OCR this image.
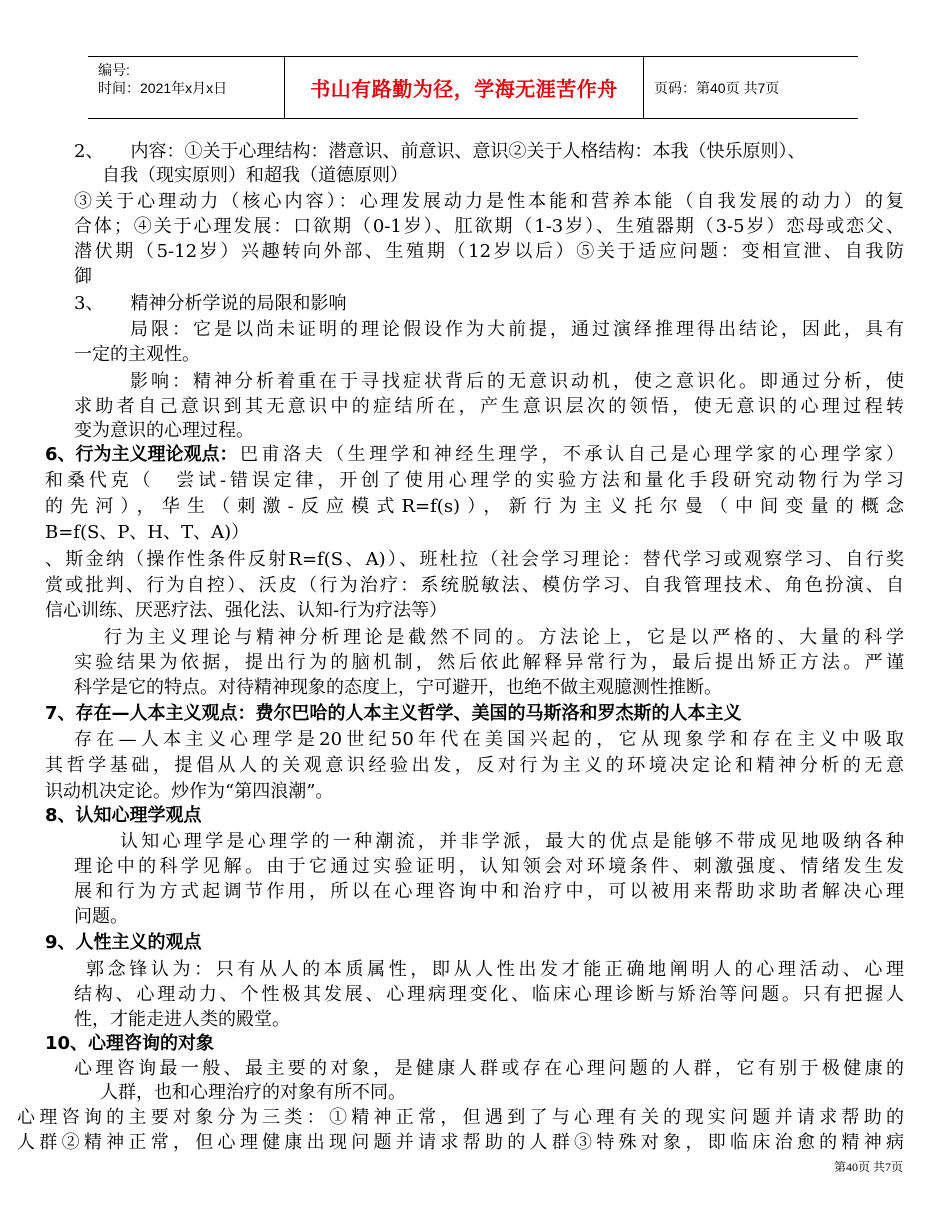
编号:
时间：2021年x月x日	书山有路勤为径，学海无涯苦作舟	页码：第40页 共7页
2、　　内容：①关于心理结构：潜意识、前意识、意识②关于人格结构：本我（快乐原则）、
自我（现实原则）和超我（道德原则）
③关于心理动力（核心内容）：心理发展动力是性本能和营养本能（自我发展的动力）的复
合体；④关于心理发展：口欲期（0-1岁）、肛欲期（1-3岁）、生殖器期（3-5岁）恋母或恋父、
潜伏期（5-12岁）兴趣转向外部、生殖期（12岁以后）⑤关于适应问题：变相宣泄、自我防
御
3、　　精神分析学说的局限和影响
局限：它是以尚未证明的理论假设作为大前提，通过演绎推理得出结论，因此，具有
一定的主观性。
影响：精神分析着重在于寻找症状背后的无意识动机，使之意识化。即通过分析，使
求助者自己意识到其无意识中的症结所在，产生意识层次的领悟，使无意识的心理过程转
变为意识的心理过程。
6、行为主义理论观点： 巴甫洛夫（生理学和神经生理学，不承认自己是心理学家的心理学家）
和桑代克（　尝试-错误定律，开创了使用心理学的实验方法和量化手段研究动物行为学习
的先河），华生（刺激-反应模式R=f(s)），新行为主义托尔曼（中间变量的概念
B=f(S、P、H、T、A)）
、斯金纳（操作性条件反射R=f(S、A)）、班杜拉（社会学习理论：替代学习或观察学习、自行奖
赏或批判、行为自控）、沃皮（行为治疗：系统脱敏法、模仿学习、自我管理技术、角色扮演、自
信心训练、厌恶疗法、强化法、认知-行为疗法等）
行为主义理论与精神分析理论是截然不同的。方法论上，它是以严格的、大量的科学
实验结果为依据，提出行为的脑机制，然后依此解释异常行为，最后提出矫正方法。严谨
科学是它的特点。对待精神现象的态度上，宁可避开，也绝不做主观臆测性推断。
7、存在—人本主义观点：费尔巴哈的人本主义哲学、美国的马斯洛和罗杰斯的人本主义
存在—人本主义心理学是20世纪50年代在美国兴起的，它从现象学和存在主义中吸取
其哲学基础，提倡从人的关观意识经验出发，反对行为主义的环境决定论和精神分析的无意
识动机决定论。炒作为“第四浪潮”。
8、认知心理学观点
认知心理学是心理学的一种潮流，并非学派，最大的优点是能够不带成见地吸纳各种
理论中的科学见解。由于它通过实验证明，认知领会对环境条件、刺激强度、情绪发生发
展和行为方式起调节作用，所以在心理咨询中和治疗中，可以被用来帮助求助者解决心理
问题。
9、人性主义的观点
郭念锋认为：只有从人的本质属性，即从人性出发才能正确地阐明人的心理活动、心理
结构、心理动力、个性极其发展、心理病理变化、临床心理诊断与矫治等问题。只有把握人
性，才能走进人类的殿堂。
10、心理咨询的对象
心理咨询最一般、最主要的对象，是健康人群或存在心理问题的人群，它有别于极健康的
人群，也和心理治疗的对象有所不同。
心理咨询的主要对象分为三类：①精神正常，但遇到了与心理有关的现实问题并请求帮助的
人群②精神正常，但心理健康出现问题并请求帮助的人群③特殊对象，即临床治愈的精神病
第40页 共7页
